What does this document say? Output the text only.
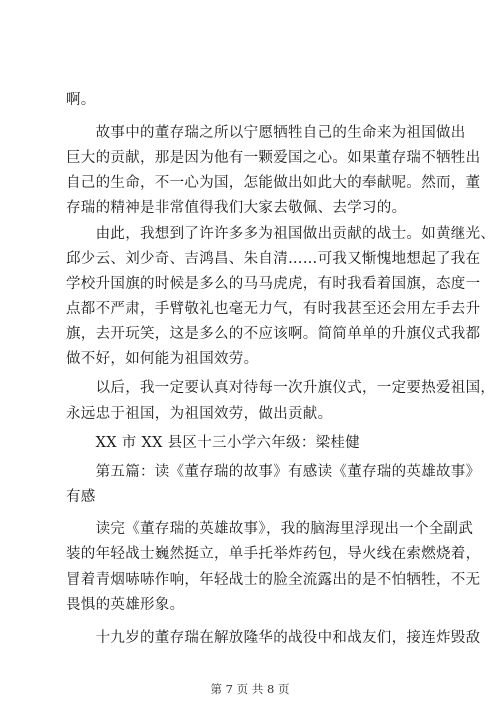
啊。
　　故事中的董存瑞之所以宁愿牺牲自己的生命来为祖国做出
巨大的贡献，那是因为他有一颗爱国之心。如果董存瑞不牺牲出
自己的生命，不一心为国，怎能做出如此大的奉献呢。然而，董
存瑞的精神是非常值得我们大家去敬佩、去学习的。
　　由此，我想到了许许多多为祖国做出贡献的战士。如黄继光、
邱少云、刘少奇、吉鸿昌、朱自清……可我又惭愧地想起了我在
学校升国旗的时候是多么的马马虎虎，有时我看着国旗，态度一
点都不严肃，手臂敬礼也毫无力气，有时我甚至还会用左手去升
旗，去开玩笑，这是多么的不应该啊。简简单单的升旗仪式我都
做不好，如何能为祖国效劳。
　　以后，我一定要认真对待每一次升旗仪式，一定要热爱祖国，
永远忠于祖国，为祖国效劳，做出贡献。
　　XX 市 XX 县区十三小学六年级：梁桂健
　　第五篇：读《董存瑞的故事》有感读《董存瑞的英雄故事》
有感
　　读完《董存瑞的英雄故事》，我的脑海里浮现出一个全副武
装的年轻战士巍然挺立，单手托举炸药包，导火线在索燃烧着，
冒着青烟哧哧作响，年轻战士的脸全流露出的是不怕牺牲，不无
畏惧的英雄形象。
　　十九岁的董存瑞在解放隆华的战役中和战友们，接连炸毁敌
第 7 页 共 8 页
